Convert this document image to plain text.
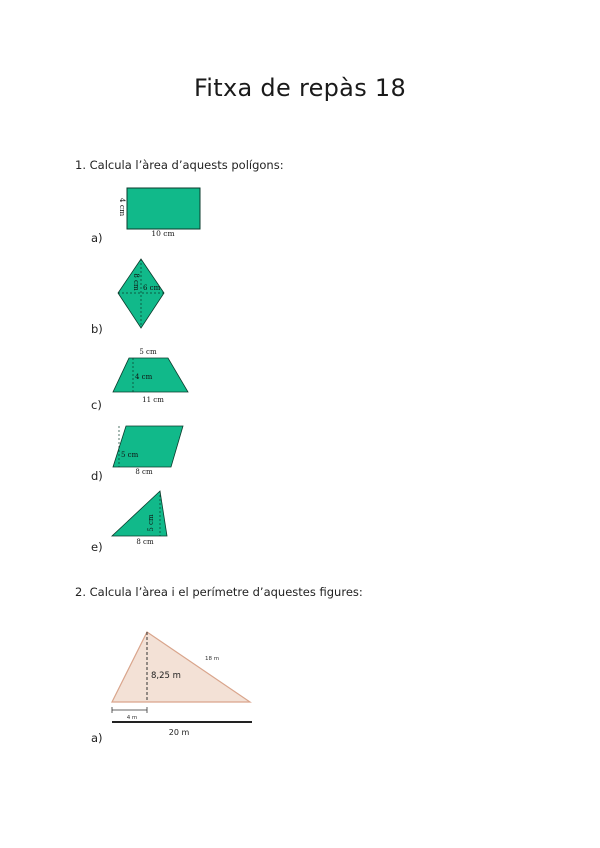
Fitxa de repàs 18
1. Calcula l’àrea d’aquests polígons:
4 cm
10 cm
a)
8 cm 6 cm
b)
5 cm
4 cm
11 cm
c)
5 cm
8 cm
d)
5 cm
8 cm
e)
2. Calcula l’àrea i el perímetre d’aquestes figures:
18 m
8,25 m
4 m
20 m
a)
